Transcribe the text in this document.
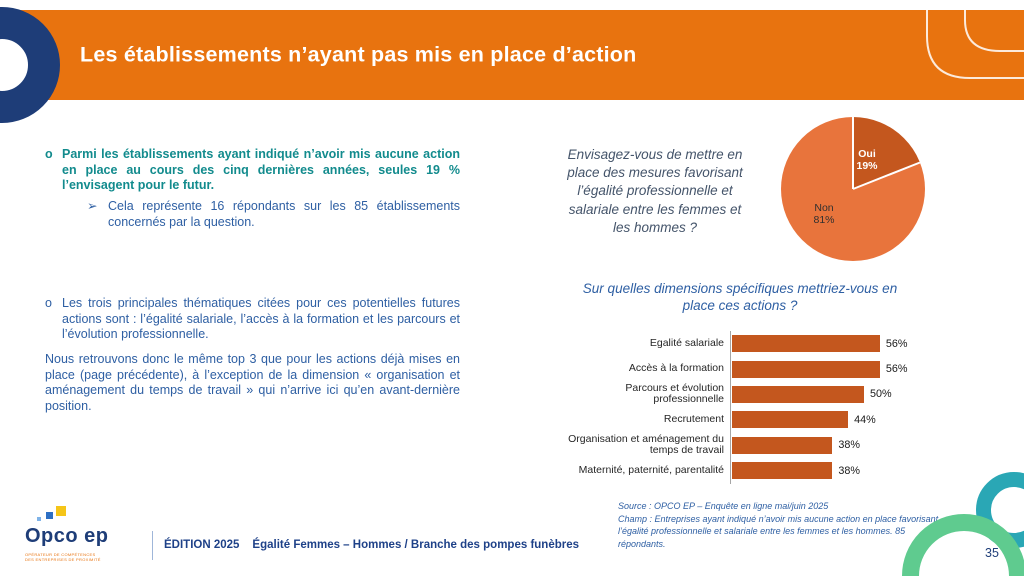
Les établissements n’ayant pas mis en place d’action
o Parmi les établissements ayant indiqué n’avoir mis aucune action en place au cours des cinq dernières années, seules 19 % l’envisagent pour le futur.
➢ Cela représente 16 répondants sur les 85 établissements concernés par la question.
o Les trois principales thématiques citées pour ces potentielles futures actions sont : l’égalité salariale, l’accès à la formation et les parcours et l’évolution professionnelle.
Nous retrouvons donc le même top 3 que pour les actions déjà mises en place (page précédente), à l’exception de la dimension « organisation et aménagement du temps de travail » qui n’arrive ici qu’en avant-dernière position.
Envisagez-vous de mettre en
place des mesures favorisant
l’égalité professionnelle et
salariale entre les femmes et
les hommes ?
Oui
19%
Non
81%
Sur quelles dimensions spécifiques mettriez-vous en
place ces actions ?
Egalité salariale	56%
Accès à la formation	56%
Parcours et évolution professionnelle	50%
Recrutement	44%
Organisation et aménagement du temps de travail	38%
Maternité, paternité, parentalité	38%
Source : OPCO EP – Enquête en ligne mai/juin 2025
Champ : Entreprises ayant indiqué n’avoir mis aucune action en place favorisant l’égalité professionnelle et salariale entre les femmes et les hommes. 85 répondants.
Opco ep
OPÉRATEUR DE COMPÉTENCES
DES ENTREPRISES DE PROXIMITÉ
ÉDITION 2025 Égalité Femmes – Hommes / Branche des pompes funèbres
35
